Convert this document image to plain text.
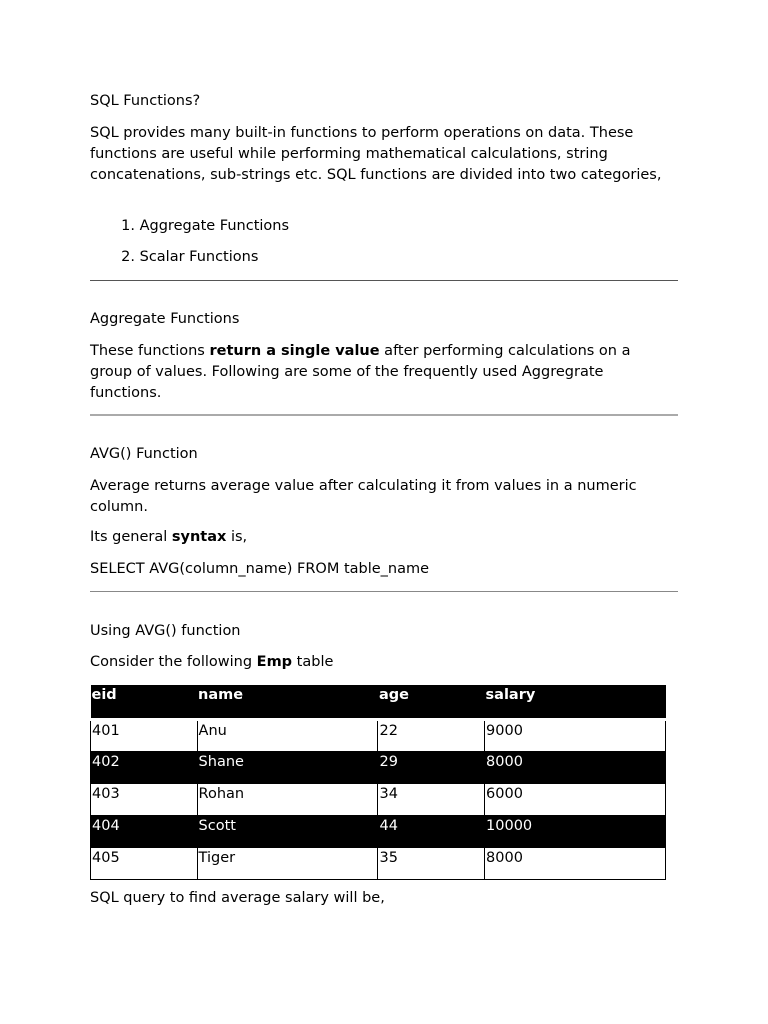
SQL Functions?
SQL provides many built-in functions to perform operations on data. These functions are useful while performing mathematical calculations, string concatenations, sub-strings etc. SQL functions are divided into two categories,
1. Aggregate Functions
2. Scalar Functions
Aggregate Functions
These functions return a single value after performing calculations on a group of values. Following are some of the frequently used Aggregrate functions.
AVG() Function
Average returns average value after calculating it from values in a numeric column.
Its general syntax is,
SELECT AVG(column_name) FROM table_name
Using AVG() function
Consider the following Emp table
eid	name	age	salary
401	Anu	22	9000
402	Shane	29	8000
403	Rohan	34	6000
404	Scott	44	10000
405	Tiger	35	8000
SQL query to find average salary will be,
